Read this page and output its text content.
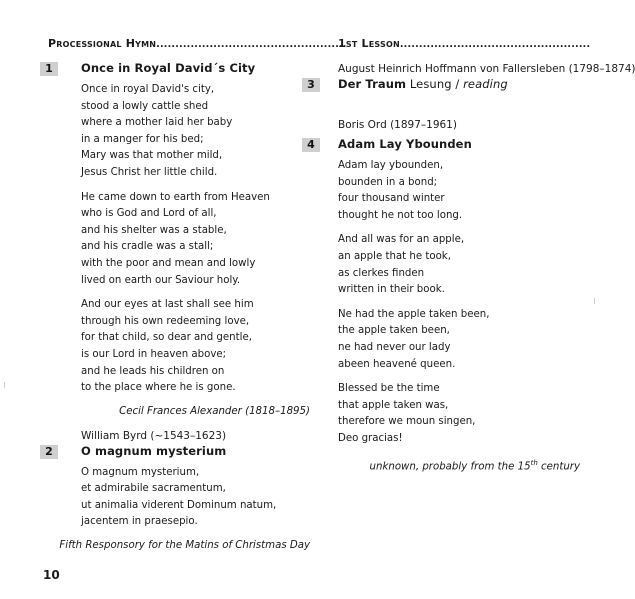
Processional Hymn..................................................
1	Once in Royal David´s City
Once in royal David's city,
stood a lowly cattle shed
where a mother laid her baby
in a manger for his bed;
Mary was that mother mild,
Jesus Christ her little child.
He came down to earth from Heaven
who is God and Lord of all,
and his shelter was a stable,
and his cradle was a stall;
with the poor and mean and lowly
lived on earth our Saviour holy.
And our eyes at last shall see him
through his own redeeming love,
for that child, so dear and gentle,
is our Lord in heaven above;
and he leads his children on
to the place where he is gone.
Cecil Frances Alexander (1818–1895)
William Byrd (~1543–1623)
2	O magnum mysterium
O magnum mysterium,
et admirabile sacramentum,
ut animalia viderent Dominum natum,
jacentem in praesepio.
Fifth Responsory for the Matins of Christmas Day
1st Lesson..................................................
August Heinrich Hoffmann von Fallersleben (1798–1874)
3	Der Traum Lesung / reading
Boris Ord (1897–1961)
4	Adam Lay Ybounden
Adam lay ybounden,
bounden in a bond;
four thousand winter
thought he not too long.
And all was for an apple,
an apple that he took,
as clerkes finden
written in their book.
Ne had the apple taken been,
the apple taken been,
ne had never our lady
abeen heavené queen.
Blessed be the time
that apple taken was,
therefore we moun singen,
Deo gracias!
unknown, probably from the 15th century
10
